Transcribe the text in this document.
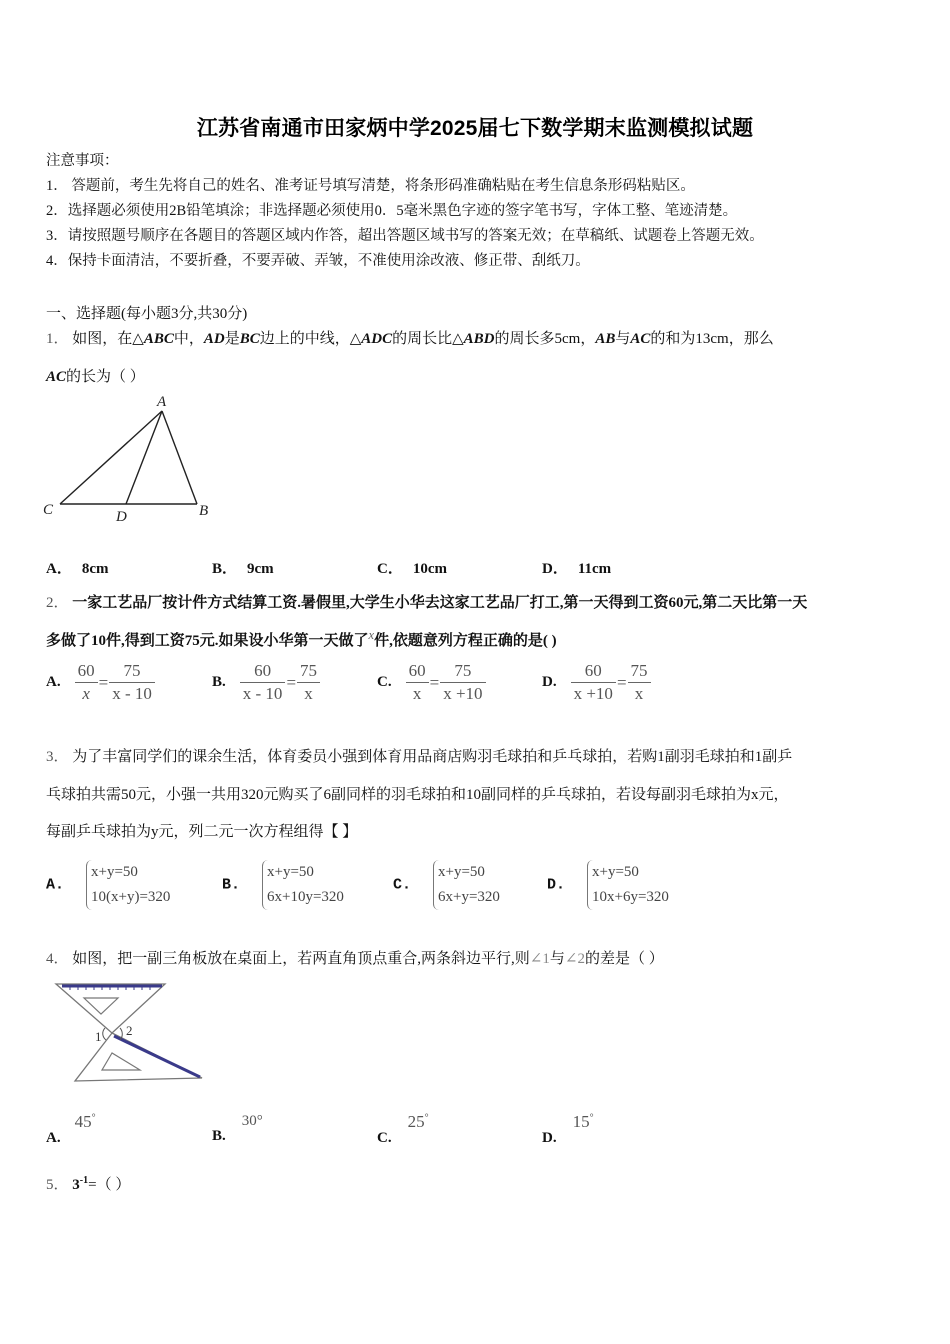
江苏省南通市田家炳中学2025届七下数学期末监测模拟试题
注意事项：
1． 答题前，考生先将自己的姓名、准考证号填写清楚，将条形码准确粘贴在考生信息条形码粘贴区。
2．选择题必须使用2B铅笔填涂；非选择题必须使用0．5毫米黑色字迹的签字笔书写，字体工整、笔迹清楚。
3．请按照题号顺序在各题目的答题区域内作答，超出答题区域书写的答案无效；在草稿纸、试题卷上答题无效。
4．保持卡面清洁，不要折叠，不要弄破、弄皱，不准使用涂改液、修正带、刮纸刀。
一、选择题(每小题3分,共30分)
1． 如图，在△ABC中，AD是BC边上的中线，△ADC的周长比△ABD的周长多5cm，AB与AC的和为13cm，那么
AC的长为（ ）
A
C	D	B
A． 8cm	B． 9cm	C． 10cm	D． 11cm
2． 一家工艺品厂按计件方式结算工资.暑假里,大学生小华去这家工艺品厂打工,第一天得到工资60元,第二天比第一天
多做了10件,得到工资75元.如果设小华第一天做了$^x$件,依题意列方程正确的是( )
A. $\frac{60}{x} = \frac{75}{x - 10}$	B. $\frac{60}{x - 10} = \frac{75}{x}$	C. $\frac{60}{x} = \frac{75}{x +10}$	D. $\frac{60}{x +10} = \frac{75}{x}$
3． 为了丰富同学们的课余生活，体育委员小强到体育用品商店购羽毛球拍和乒乓球拍，若购1副羽毛球拍和1副乒
乓球拍共需50元，小强一共用320元购买了6副同样的羽毛球拍和10副同样的乒乓球拍，若设每副羽毛球拍为x元，
每副乒乓球拍为y元，列二元一次方程组得【 】
A.
x+y=50
10(x+y)=320
B.
x+y=50
6x+10y=320
C.
x+y=50
6x+y=320
D.
x+y=50
10x+6y=320
4． 如图，把一副三角板放在桌面上，若两直角顶点重合,两条斜边平行,则∠1与∠2的差是（ ）
1 2
A. 45°
B. 30°
C. 25°
D. 15°
5． $3^{-1}=$（ ）
